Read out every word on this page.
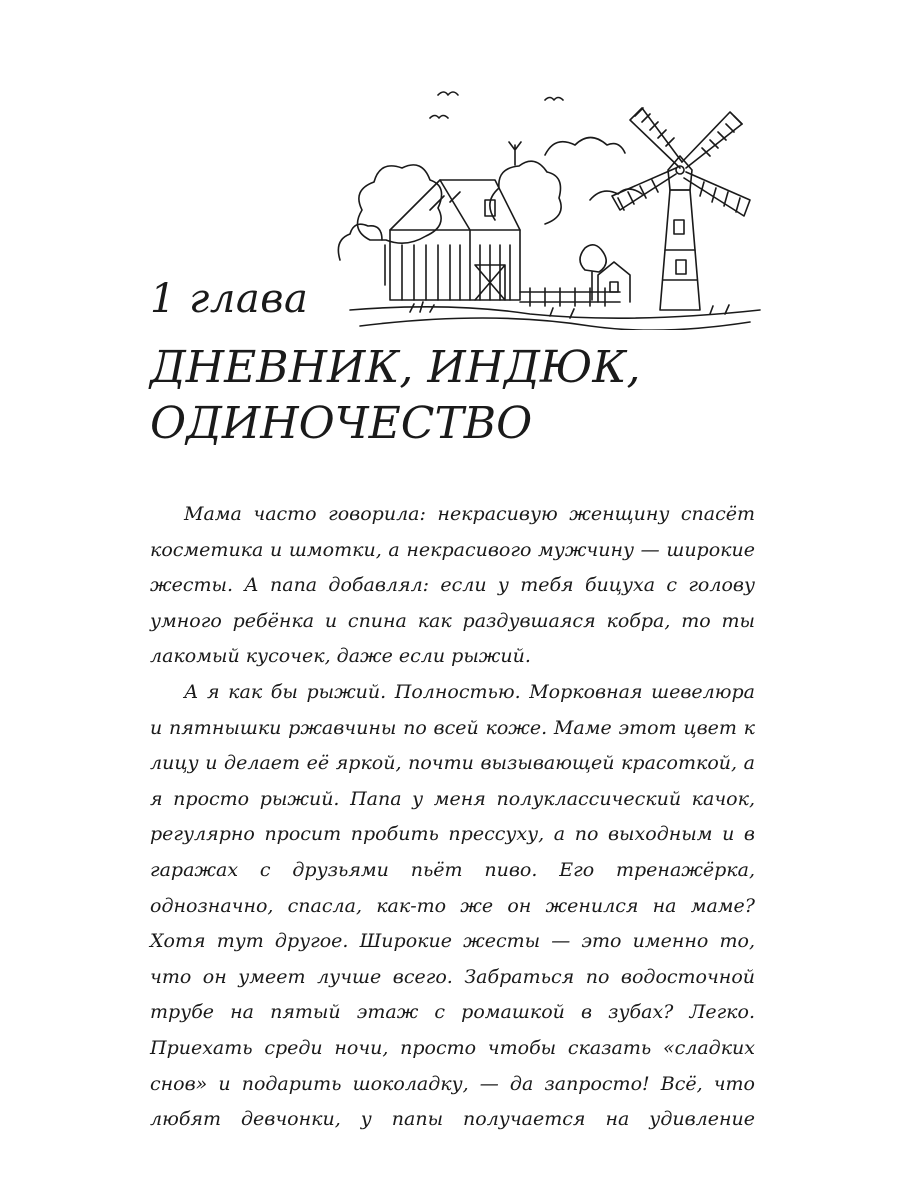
1 глава
ДНЕВНИК, ИНДЮК,
ОДИНОЧЕСТВО

Мама часто говорила: некрасивую женщину спасёт косметика и шмотки, а некрасивого мужчину — широкие жесты. А папа добавлял: если у тебя бицуха с голову умного ребёнка и спина как раздувшаяся кобра, то ты лакомый кусочек, даже если рыжий.

А я как бы рыжий. Полностью. Морковная шевелюра и пятнышки ржавчины по всей коже. Маме этот цвет к лицу и делает её яркой, почти вызывающей красоткой, а я просто рыжий. Папа у меня полуклассический качок, регулярно просит пробить прессуху, а по выходным и в гаражах с друзьями пьёт пиво. Его тренажёрка, однозначно, спасла, как-то же он женился на маме? Хотя тут другое. Широкие жесты — это именно то, что он умеет лучше всего. Забраться по водосточной трубе на пятый этаж с ромашкой в зубах? Легко. Приехать среди ночи, просто чтобы сказать «сладких снов» и подарить шоколадку, — да запросто! Всё, что любят девчонки, у папы получается на удивление
